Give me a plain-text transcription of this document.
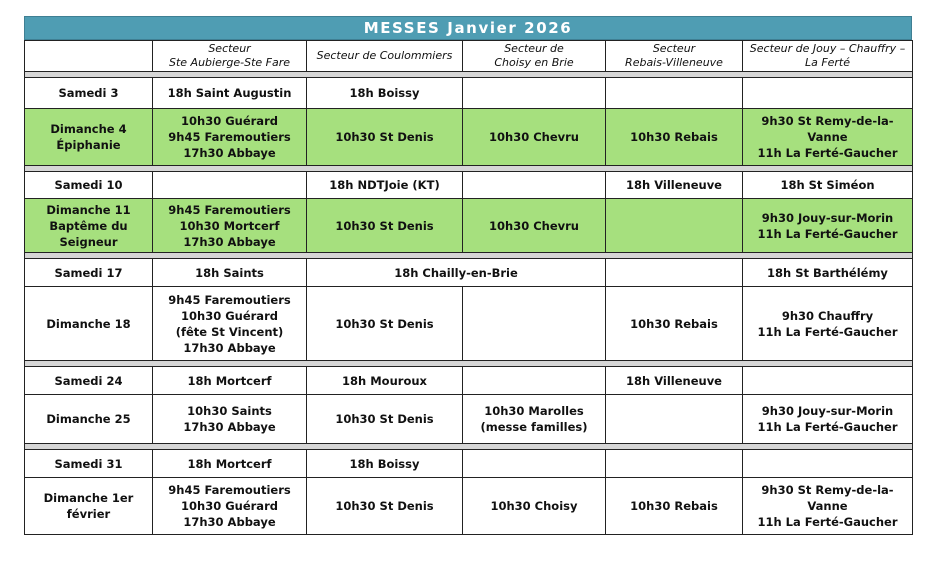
MESSES Janvier 2026

	Secteur
Ste Aubierge-Ste Fare	Secteur de Coulommiers	Secteur de
Choisy en Brie	Secteur
Rebais-Villeneuve	Secteur de Jouy – Chauffry –
La Ferté

Samedi 3	18h Saint Augustin	18h Boissy			

Dimanche 4
Épiphanie	10h30 Guérard
9h45 Faremoutiers
17h30 Abbaye	10h30 St Denis	10h30 Chevru	10h30 Rebais	9h30 St Remy-de-la-Vanne
11h La Ferté-Gaucher

Samedi 10		18h NDTJoie (KT)		18h Villeneuve	18h St Siméon

Dimanche 11
Baptême du Seigneur	9h45 Faremoutiers
10h30 Mortcerf
17h30 Abbaye	10h30 St Denis	10h30 Chevru		9h30 Jouy-sur-Morin
11h La Ferté-Gaucher

Samedi 17	18h Saints	18h Chailly-en-Brie			18h St Barthélémy

Dimanche 18	9h45 Faremoutiers
10h30 Guérard
(fête St Vincent)
17h30 Abbaye	10h30 St Denis		10h30 Rebais	9h30 Chauffry
11h La Ferté-Gaucher

Samedi 24	18h Mortcerf	18h Mouroux		18h Villeneuve	

Dimanche 25	10h30 Saints
17h30 Abbaye	10h30 St Denis	10h30 Marolles
(messe familles)		9h30 Jouy-sur-Morin
11h La Ferté-Gaucher

Samedi 31	18h Mortcerf	18h Boissy			

Dimanche 1er février	9h45 Faremoutiers
10h30 Guérard
17h30 Abbaye	10h30 St Denis	10h30 Choisy	10h30 Rebais	9h30 St Remy-de-la-Vanne
11h La Ferté-Gaucher
